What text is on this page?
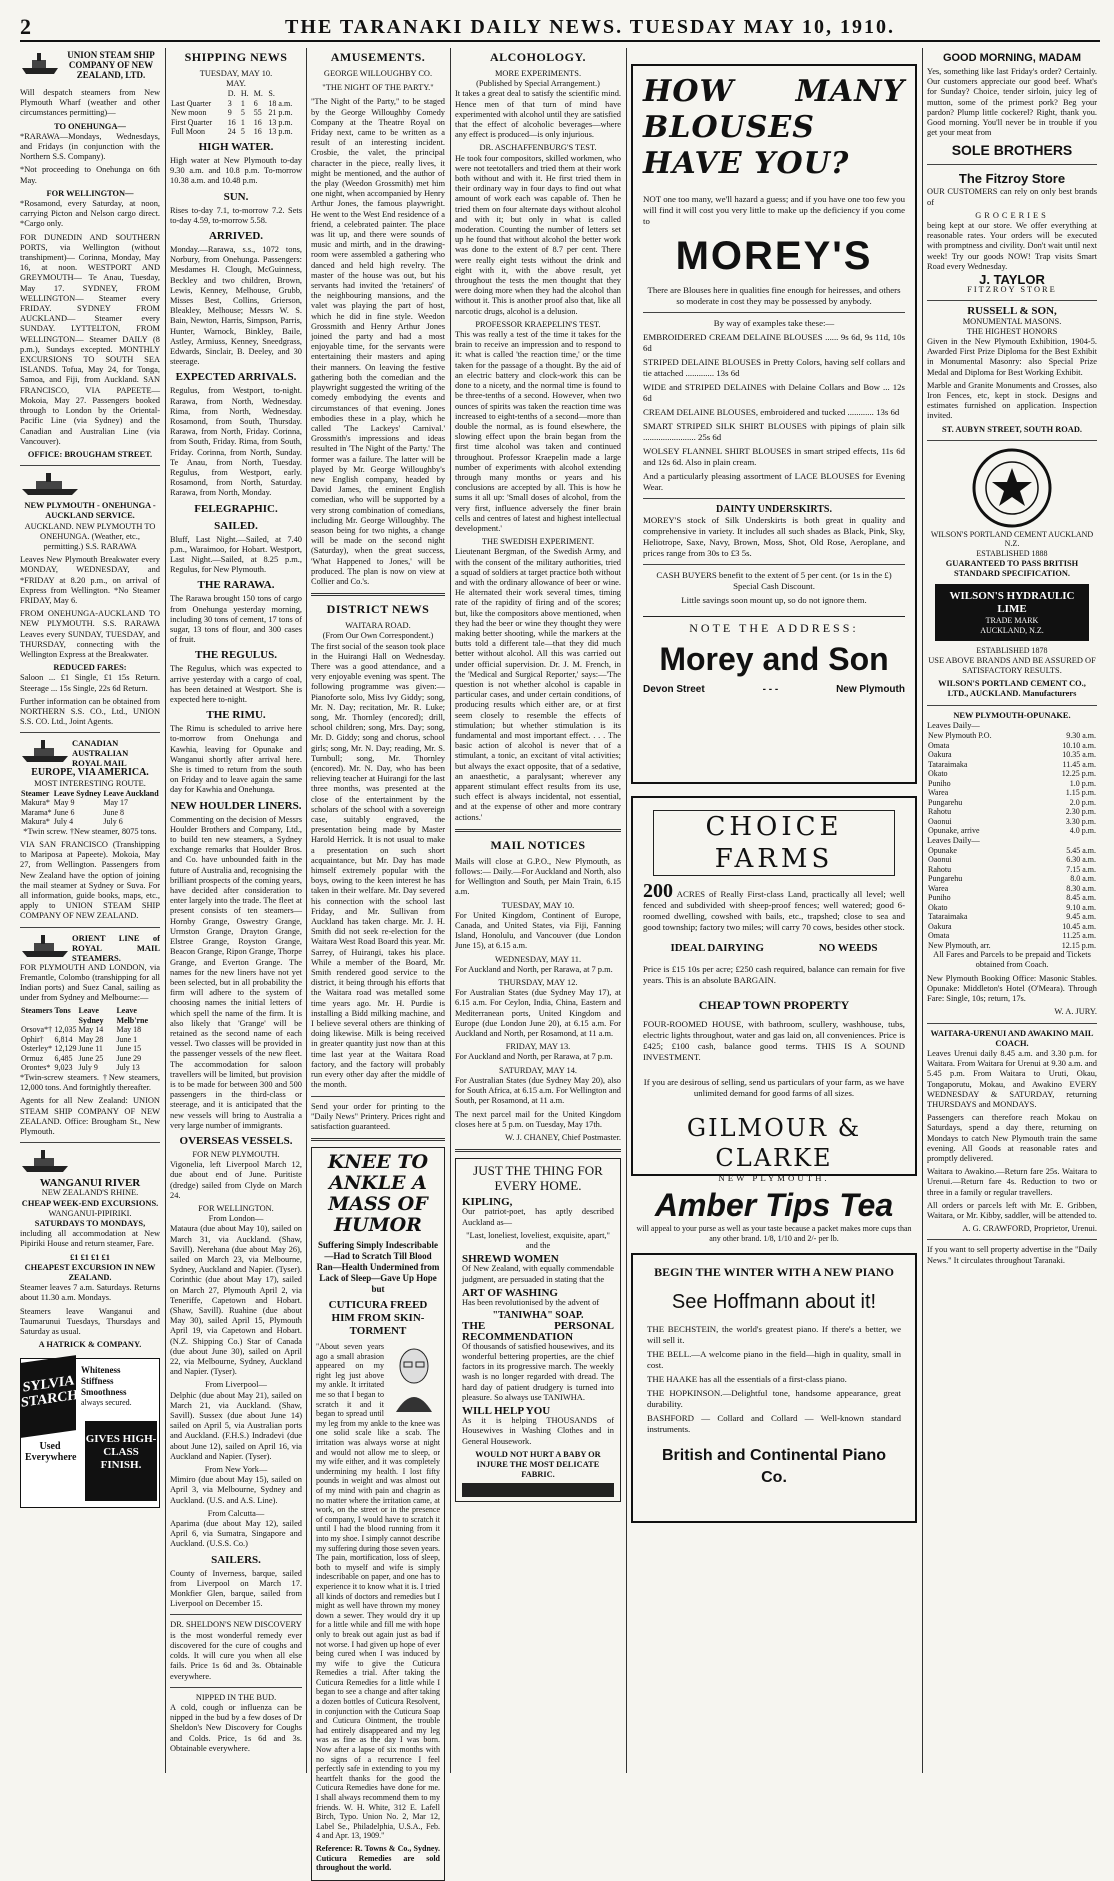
2	THE TARANAKI DAILY NEWS. TUESDAY MAY 10, 1910.
UNION STEAM SHIP COMPANY OF NEW ZEALAND, LTD.

Will despatch steamers from New Plymouth Wharf (weather and other circumstances permitting)—

TO ONEHUNGA—

*RARAWA—Mondays, Wednesdays, and Fridays (in conjunction with the Northern S.S. Company).

*Not proceeding to Onehunga on 6th May.

FOR WELLINGTON—

*Rosamond, every Saturday, at noon, carrying Picton and Nelson cargo direct. *Cargo only.

FOR DUNEDIN AND SOUTHERN PORTS, via Wellington (without transhipment)— Corinna, Monday, May 16, at noon. WESTPORT AND GREYMOUTH— Te Anau, Tuesday, May 17. SYDNEY, FROM WELLINGTON— Steamer every FRIDAY. SYDNEY FROM AUCKLAND— Steamer every SUNDAY. LYTTELTON, FROM WELLINGTON— Steamer DAILY (8 p.m.), Sundays excepted. MONTHLY EXCURSIONS TO SOUTH SEA ISLANDS. Tofua, May 24, for Tonga, Samoa, and Fiji, from Auckland. SAN FRANCISCO, VIA PAPEETE— Mokoia, May 27. Passengers booked through to London by the Oriental-Pacific Line (via Sydney) and the Canadian and Australian Line (via Vancouver).

OFFICE: BROUGHAM STREET.
NEW PLYMOUTH - ONEHUNGA - AUCKLAND SERVICE.

AUCKLAND. NEW PLYMOUTH TO ONEHUNGA. (Weather, etc., permitting.) S.S. RARAWA

Leaves New Plymouth Breakwater every MONDAY, WEDNESDAY, and *FRIDAY at 8.20 p.m., on arrival of Express from Wellington. *No Steamer FRIDAY, May 6.

FROM ONEHUNGA-AUCKLAND TO NEW PLYMOUTH. S.S. RARAWA Leaves every SUNDAY, TUESDAY, and THURSDAY, connecting with the Wellington Express at the Breakwater.

REDUCED FARES:

Saloon ... £1 Single, £1 15s Return. Steerage ... 15s Single, 22s 6d Return.

Further information can be obtained from NORTHERN S.S. CO., Ltd., UNION S.S. CO. Ltd., Joint Agents.

CANADIAN AUSTRALIAN ROYAL MAIL
EUROPE, VIA AMERICA.
MOST INTERESTING ROUTE.
Steamer	Leave Sydney	Leave Auckland
Makura*	May 9	May 17
Marama*	June 6	June 8
Makura*	July 4	July 6

*Twin screw. †New steamer, 8075 tons.

VIA SAN FRANCISCO (Transhipping to Mariposa at Papeete). Mokoia, May 27, from Wellington. Passengers from New Zealand have the option of joining the mail steamer at Sydney or Suva. For all information, guide books, maps, etc., apply to UNION STEAM SHIP COMPANY OF NEW ZEALAND.

ORIENT LINE of ROYAL MAIL STEAMERS.

FOR PLYMOUTH AND LONDON, via Fremantle, Colombo (transhipping for all Indian ports) and Suez Canal, sailing as under from Sydney and Melbourne:—

Steamers	Tons	Leave Sydney	Leave Melb'rne
Orsova*†	12,035	May 14	May 18
Ophir†	6,814	May 28	June 1
Osterley*	12,129	June 11	June 15
Ormuz	6,485	June 25	June 29
Orontes*	9,023	July 9	July 13

*Twin-screw steamers. †New steamers, 12,000 tons. And fortnightly thereafter.

Agents for all New Zealand: UNION STEAM SHIP COMPANY OF NEW ZEALAND. Office: Brougham St., New Plymouth.

WANGANUI RIVER
NEW ZEALAND'S RHINE.
CHEAP WEEK-END EXCURSIONS.
WANGANUI-PIPIRIKI.
SATURDAYS TO MONDAYS,

including all accommodation at New Pipiriki House and return steamer, Fare.

£1 £1 £1 £1
CHEAPEST EXCURSION IN NEW ZEALAND.

Steamer leaves 7 a.m. Saturdays. Returns about 11.30 a.m. Mondays.

Steamers leave Wanganui and Taumarunui Tuesdays, Thursdays and Saturday as usual.

A HATRICK & COMPANY.
SYLVIA STARCH
Whiteness
Stiffness
Smoothness
always secured.
Used Everywhere
GIVES HIGH-CLASS FINISH.
SHIPPING NEWS
TUESDAY, MAY 10.
MAY.
	D.	H.	M.	S.
Last Quarter	3	1	6	18 a.m.
New moon	9	5	55	21 p.m.
First Quarter	16	1	16	13 p.m.
Full Moon	24	5	16	13 p.m.
HIGH WATER.

High water at New Plymouth to-day 9.30 a.m. and 10.8 p.m. To-morrow 10.38 a.m. and 10.48 p.m.

SUN.

Rises to-day 7.1, to-morrow 7.2. Sets to-day 4.59, to-morrow 5.58.

ARRIVED.

Monday.—Rarawa, s.s., 1072 tons, Norbury, from Onehunga. Passengers: Mesdames H. Clough, McGuinness, Beckley and two children, Brown, Lewis, Kenney, Melhouse, Grubb, Misses Best, Collins, Grierson, Bleakley, Melhouse; Messrs W. S. Bain, Newton, Harris, Simpson, Parris, Hunter, Warnock, Binkley, Baile, Astley, Armiuss, Kenney, Sneedgrass, Edwards, Sinclair, B. Deeley, and 30 steerage.

EXPECTED ARRIVALS.

Regulus, from Westport, to-night. Rarawa, from North, Wednesday. Rima, from North, Wednesday. Rosamond, from South, Thursday. Rarawa, from North, Friday. Corinna, from South, Friday. Rima, from South, Friday. Corinna, from North, Sunday. Te Anau, from North, Tuesday. Regulus, from Westport, early. Rosamond, from North, Saturday. Rarawa, from North, Monday.

FELEGRAPHIC.
SAILED.

Bluff, Last Night.—Sailed, at 7.40 p.m., Waraimoo, for Hobart. Westport, Last Night.—Sailed, at 8.25 p.m., Regulus, for New Plymouth.

THE RARAWA.

The Rarawa brought 150 tons of cargo from Onehunga yesterday morning, including 30 tons of cement, 17 tons of sugar, 13 tons of flour, and 300 cases of fruit.

THE REGULUS.

The Regulus, which was expected to arrive yesterday with a cargo of coal, has been detained at Westport. She is expected here to-night.

THE RIMU.

The Rimu is scheduled to arrive here to-morrow from Onehunga and Kawhia, leaving for Opunake and Wanganui shortly after arrival here. She is timed to return from the south on Friday and to leave again the same day for Kawhia and Onehunga.

NEW HOULDER LINERS.

Commenting on the decision of Messrs Houlder Brothers and Company, Ltd., to build ten new steamers, a Sydney exchange remarks that Houlder Bros. and Co. have unbounded faith in the future of Australia and, recognising the brilliant prospects of the coming years, have decided after consideration to enter largely into the trade. The fleet at present consists of ten steamers—Hornby Grange, Oswestry Grange, Urmston Grange, Drayton Grange, Elstree Grange, Royston Grange, Beacon Grange, Ripon Grange, Thorpe Grange, and Everton Grange. The names for the new liners have not yet been selected, but in all probability the firm will adhere to the system of choosing names the initial letters of which spell the name of the firm. It is also likely that 'Grange' will be retained as the second name of each vessel. Two classes will be provided in the passenger vessels of the new fleet. The accommodation for saloon travellers will be limited, but provision is to be made for between 300 and 500 passengers in the third-class or steerage, and it is anticipated that the new vessels will bring to Australia a very large number of immigrants.

OVERSEAS VESSELS.
FOR NEW PLYMOUTH.

Vigonelia, left Liverpool March 12, due about end of June. Puritiste (dredge) sailed from Clyde on March 24.

FOR WELLINGTON.
From London—

Mataura (due about May 10), sailed on March 31, via Auckland. (Shaw, Savill). Nerehana (due about May 26), sailed on March 23, via Melbourne, Sydney, Auckland and Napier. (Tyser). Corinthic (due about May 17), sailed on March 27, Plymouth April 2, via Teneriffe, Capetown and Hobart. (Shaw, Savill). Ruahine (due about May 30), sailed April 15, Plymouth April 19, via Capetown and Hobart. (N.Z. Shipping Co.) Star of Canada (due about June 30), sailed on April 22, via Melbourne, Sydney, Auckland and Napier. (Tyser).

From Liverpool—

Delphic (due about May 21), sailed on March 21, via Auckland. (Shaw, Savill). Sussex (due about June 14) sailed on April 5, via Australian ports and Auckland. (F.H.S.) Indradevi (due about June 12), sailed on April 16, via Auckland and Napier. (Tyser).

From New York—

Mimiro (due about May 15), sailed on April 3, via Melbourne, Sydney and Auckland. (U.S. and A.S. Line).

From Calcutta—

Aparima (due about May 12), sailed April 6, via Sumatra, Singapore and Auckland. (U.S.S. Co.)

SAILERS.

County of Inverness, barque, sailed from Liverpool on March 17. Monkfier Glen, barque, sailed from Liverpool on December 15.

DR. SHELDON'S NEW DISCOVERY

is the most wonderful remedy ever discovered for the cure of coughs and colds. It will cure you when all else fails. Price 1s 6d and 3s. Obtainable everywhere.

NIPPED IN THE BUD.

A cold, cough or influenza can be nipped in the bud by a few doses of Dr Sheldon's New Discovery for Coughs and Colds. Price, 1s 6d and 3s. Obtainable everywhere.

AMUSEMENTS.
GEORGE WILLOUGHBY CO.
"THE NIGHT OF THE PARTY."

"The Night of the Party," to be staged by the George Willoughby Comedy Company at the Theatre Royal on Friday next, came to be written as a result of an interesting incident. Crosbie, the valet, the principal character in the piece, really lives, it might be mentioned, and the author of the play (Weedon Grossmith) met him one night, when accompanied by Henry Arthur Jones, the famous playwright. He went to the West End residence of a friend, a celebrated painter. The place was lit up, and there were sounds of music and mirth, and in the drawing-room were assembled a gathering who danced and held high revelry. The master of the house was out, but his servants had invited the 'retainers' of the neighbouring mansions, and the valet was playing the part of host, which he did in fine style. Weedon Grossmith and Henry Arthur Jones joined the party and had a most enjoyable time, for the servants were entertaining their masters and aping their manners. On leaving the festive gathering both the comedian and the playwright suggested the writing of the comedy embodying the events and circumstances of that evening. Jones embodies these in a play, which he called 'The Lackeys' Carnival.' Grossmith's impressions and ideas resulted in 'The Night of the Party.' The former was a failure. The latter will be played by Mr. George Willoughby's new English company, headed by David James, the eminent English comedian, who will be supported by a very strong combination of comedians, including Mr. George Willoughby. The season being for two nights, a change will be made on the second night (Saturday), when the great success, 'What Happened to Jones,' will be produced. The plan is now on view at Collier and Co.'s.

DISTRICT NEWS
WAITARA ROAD.
(From Our Own Correspondent.)

The first social of the season took place in the Huirangi Hall on Wednesday. There was a good attendance, and a very enjoyable evening was spent. The following programme was given:—Pianoforte solo, Miss Ivy Giddy; song, Mr. N. Day; recitation, Mr. R. Luke; song, Mr. Thornley (encored); drill, school children; song, Mrs. Day; song, Mr. D. Giddy; song and chorus, school girls; song, Mr. N. Day; reading, Mr. S. Turnbull; song, Mr. Thornley (encored). Mr. N. Day, who has been relieving teacher at Huirangi for the last three months, was presented at the close of the entertainment by the scholars of the school with a sovereign case, suitably engraved, the presentation being made by Master Harold Herrick. It is not usual to make a presentation on such short acquaintance, but Mr. Day has made himself extremely popular with the boys, owing to the keen interest he has taken in their welfare. Mr. Day severed his connection with the school last Friday, and Mr. Sullivan from Auckland has taken charge. Mr. J. H. Smith did not seek re-election for the Waitara West Road Board this year. Mr. Sarrey, of Huirangi, takes his place. While a member of the Board, Mr. Smith rendered good service to the district, it being through his efforts that the Waitara road was metalled some time years ago. Mr. H. Purdie is installing a Bidd milking machine, and I believe several others are thinking of doing likewise. Milk is being received in greater quantity just now than at this time last year at the Waitara Road factory, and the factory will probably run every other day after the middle of the month.

Send your order for printing to the "Daily News" Printery. Prices right and satisfaction guaranteed.

KNEE TO ANKLE A MASS OF HUMOR
Suffering Simply Indescribable—Had to Scratch Till Blood Ran—Health Undermined from Lack of Sleep—Gave Up Hope but
CUTICURA FREED HIM FROM SKIN-TORMENT

"About seven years ago a small abrasion appeared on my right leg just above my ankle. It irritated me so that I began to scratch it and it began to spread until my leg from my ankle to the knee was one solid scale like a scab. The irritation was always worse at night and would not allow me to sleep, or my wife either, and it was completely undermining my health. I lost fifty pounds in weight and was almost out of my mind with pain and chagrin as no matter where the irritation came, at work, on the street or in the presence of company, I would have to scratch it until I had the blood running from it into my shoe. I simply cannot describe my suffering during those seven years. The pain, mortification, loss of sleep, both to myself and wife is simply indescribable on paper, and one has to experience it to know what it is. I tried all kinds of doctors and remedies but I might as well have thrown my money down a sewer. They would dry it up for a little while and fill me with hope only to break out again just as bad if not worse. I had given up hope of ever being cured when I was induced by my wife to give the Cuticura Remedies a trial. After taking the Cuticura Remedies for a little while I began to see a change and after taking a dozen bottles of Cuticura Resolvent, in conjunction with the Cuticura Soap and Cuticura Ointment, the trouble had entirely disappeared and my leg was as fine as the day I was born. Now after a lapse of six months with no signs of a recurrence I feel perfectly safe in extending to you my heartfelt thanks for the good the Cuticura Remedies have done for me. I shall always recommend them to my friends. W. H. White, 312 E. Lafell Birch, Typo. Union No. 2, Mar 12, Label Se., Philadelphia, U.S.A., Feb. 4 and Apr. 13, 1909."

Reference: R. Towns & Co., Sydney. Cuticura Remedies are sold throughout the world.

ALCOHOLOGY.
MORE EXPERIMENTS.
(Published by Special Arrangement.)

It takes a great deal to satisfy the scientific mind. Hence men of that turn of mind have experimented with alcohol until they are satisfied that the effect of alcoholic beverages—where any effect is produced—is only injurious.

DR. ASCHAFFENBURG'S TEST.

He took four compositors, skilled workmen, who were not teetotallers and tried them at their work both without and with it. He first tried them in their ordinary way in four days to find out what amount of work each was capable of. Then he tried them on four alternate days without alcohol and with it; but only in what is called moderation. Counting the number of letters set up he found that without alcohol the better work was done to the extent of 8.7 per cent. There were really eight tests without the drink and eight with it, with the above result, yet throughout the tests the men thought that they were doing more when they had the alcohol than without it. This is another proof also that, like all narcotic drugs, alcohol is a delusion.

PROFESSOR KRAEPELIN'S TEST.

This was really a test of the time it takes for the brain to receive an impression and to respond to it: what is called 'the reaction time,' or the time taken for the passage of a thought. By the aid of an electric battery and clock-work this can be done to a nicety, and the normal time is found to be three-tenths of a second. However, when two ounces of spirits was taken the reaction time was increased to eight-tenths of a second—more than double the normal, as is found elsewhere, the slowing effect upon the brain began from the first time alcohol was taken and continued throughout. Professor Kraepelin made a large number of experiments with alcohol extending through many months or years and his conclusions are accepted by all. This is how he sums it all up: 'Small doses of alcohol, from the very first, influence adversely the finer brain cells and centres of latest and highest intellectual development.'

THE SWEDISH EXPERIMENT.

Lieutenant Bergman, of the Swedish Army, and with the consent of the military authorities, tried a squad of soldiers at target practice both without and with the ordinary allowance of beer or wine. He alternated their work several times, timing rate of the rapidity of firing and of the scores; but, like the compositors above mentioned, when they had the beer or wine they thought they were making better shooting, while the markers at the butts told a different tale—that they did much better without alcohol. All this was carried out under official supervision. Dr. J. M. French, in the 'Medical and Surgical Reporter,' says:—'The question is not whether alcohol is capable in particular cases, and under certain conditions, of producing results which either are, or at first seem closely to resemble the effects of stimulation; but whether stimulation is its fundamental and most important effect. . . . The basic action of alcohol is never that of a stimulant, a tonic, an excitant of vital activities; but always the exact opposite, that of a sedative, an anaesthetic, a paralysant; wherever any apparent stimulant effect results from its use, such effect is always incidental, not essential, and at the expense of other and more contrary actions.'

MAIL NOTICES

Mails will close at G.P.O., New Plymouth, as follows:— Daily.—For Auckland and North, also for Wellington and South, per Main Train, 6.15 a.m.

TUESDAY, MAY 10.

For United Kingdom, Continent of Europe, Canada, and United States, via Fiji, Fanning Island, Honolulu, and Vancouver (due London June 15), at 6.15 a.m.

WEDNESDAY, MAY 11.

For Auckland and North, per Rarawa, at 7 p.m.

THURSDAY, MAY 12.

For Australian States (due Sydney May 17), at 6.15 a.m. For Ceylon, India, China, Eastern and Mediterranean ports, United Kingdom and Europe (due London June 20), at 6.15 a.m. For Auckland and North, per Rosamond, at 11 a.m.

FRIDAY, MAY 13.

For Auckland and North, per Rarawa, at 7 p.m.

SATURDAY, MAY 14.

For Australian States (due Sydney May 20), also for South Africa, at 6.15 a.m. For Wellington and South, per Rosamond, at 11 a.m.

The next parcel mail for the United Kingdom closes here at 5 p.m. on Tuesday, May 17th.

W. J. CHANEY, Chief Postmaster.
JUST THE THING FOR EVERY HOME.
KIPLING,

Our patriot-poet, has aptly described Auckland as—

"Last, loneliest, loveliest, exquisite, apart," and the

SHREWD WOMEN

Of New Zealand, with equally commendable judgment, are persuaded in stating that the

ART OF WASHING

Has been revolutionised by the advent of

"TANIWHA" SOAP.
THE PERSONAL RECOMMENDATION

Of thousands of satisfied housewives, and its wonderful bettering properties, are the chief factors in its progressive march. The weekly wash is no longer regarded with dread. The hard day of patient drudgery is turned into pleasure. So always use TANIWHA.

WILL HELP YOU

As it is helping THOUSANDS of Housewives in Washing Clothes and in General Housework.

WOULD NOT HURT A BABY OR INJURE THE MOST DELICATE FABRIC.

HOW MANY BLOUSES HAVE YOU?

NOT one too many, we'll hazard a guess; and if you have one too few you will find it will cost you very little to make up the deficiency if you come to

MOREY'S

There are Blouses here in qualities fine enough for heiresses, and others so moderate in cost they may be possessed by anybody.

By way of examples take these:—

EMBROIDERED CREAM DELAINE BLOUSES ...... 9s 6d, 9s 11d, 10s 6d

STRIPED DELAINE BLOUSES in Pretty Colors, having self collars and tie attached ............. 13s 6d

WIDE and STRIPED DELAINES with Delaine Collars and Bow ... 12s 6d

CREAM DELAINE BLOUSES, embroidered and tucked ............ 13s 6d

SMART STRIPED SILK SHIRT BLOUSES with pipings of plain silk ........................ 25s 6d

WOLSEY FLANNEL SHIRT BLOUSES in smart striped effects, 11s 6d and 12s 6d. Also in plain cream.

And a particularly pleasing assortment of LACE BLOUSES for Evening Wear.

DAINTY UNDERSKIRTS.

MOREY'S stock of Silk Underskirts is both great in quality and comprehensive in variety. It includes all such shades as Black, Pink, Sky, Heliotrope, Saxe, Navy, Brown, Moss, Shot, Old Rose, Aeroplane, and prices range from 30s to £3 5s.

CASH BUYERS benefit to the extent of 5 per cent. (or 1s in the £) Special Cash Discount.

Little savings soon mount up, so do not ignore them.

NOTE THE ADDRESS:
Morey and Son
Devon Street	- - -	New Plymouth
CHOICE FARMS

200 ACRES of Really First-class Land, practically all level; well fenced and subdivided with sheep-proof fences; well watered; good 6-roomed dwelling, cowshed with bails, etc., trapshed; close to sea and good township; factory two miles; will carry 70 cows, besides other stock.

IDEAL DAIRYING	NO WEEDS

Price is £15 10s per acre; £250 cash required, balance can remain for five years. This is an absolute BARGAIN.

CHEAP TOWN PROPERTY

FOUR-ROOMED HOUSE, with bathroom, scullery, washhouse, tubs, electric lights throughout, water and gas laid on, all conveniences. Price is £425; £100 cash, balance good terms. THIS IS A SOUND INVESTMENT.

If you are desirous of selling, send us particulars of your farm, as we have unlimited demand for good farms of all sizes.

GILMOUR & CLARKE
NEW PLYMOUTH.
Amber Tips Tea

will appeal to your purse as well as your taste because a packet makes more cups than any other brand. 1/8, 1/10 and 2/- per lb.

BEGIN THE WINTER WITH A NEW PIANO
See Hoffmann about it!

THE BECHSTEIN, the world's greatest piano. If there's a better, we will sell it.

THE BELL.—A welcome piano in the field—high in quality, small in cost.

THE HAAKE has all the essentials of a first-class piano.

THE HOPKINSON.—Delightful tone, handsome appearance, great durability.

BASHFORD — Collard and Collard — Well-known standard instruments.

British and Continental Piano Co.
GOOD MORNING, MADAM

Yes, something like last Friday's order? Certainly. Our customers appreciate our good beef. What's for Sunday? Choice, tender sirloin, juicy leg of mutton, some of the primest pork? Beg your pardon? Plump little cockerel? Right, thank you. Good morning. You'll never be in trouble if you get your meat from

SOLE BROTHERS
The Fitzroy Store

OUR CUSTOMERS can rely on only best brands of

GROCERIES

being kept at our store. We offer everything at reasonable rates. Your orders will be executed with promptness and civility. Don't wait until next week! Try our goods NOW! Trap visits Smart Road every Wednesday.

J. TAYLOR
FITZROY STORE
RUSSELL & SON,
MONUMENTAL MASONS.
THE HIGHEST HONORS

Given in the New Plymouth Exhibition, 1904-5. Awarded First Prize Diploma for the Best Exhibit in Monumental Masonry: also Special Prize Medal and Diploma for Best Working Exhibit.

Marble and Granite Monuments and Crosses, also Iron Fences, etc, kept in stock. Designs and estimates furnished on application. Inspection invited.

ST. AUBYN STREET, SOUTH ROAD.
WILSON'S PORTLAND CEMENT AUCKLAND N.Z.
ESTABLISHED 1888
GUARANTEED TO PASS BRITISH STANDARD SPECIFICATION.
WILSON'S HYDRAULIC LIME
TRADE MARK
AUCKLAND, N.Z.
ESTABLISHED 1878
USE ABOVE BRANDS AND BE ASSURED OF SATISFACTORY RESULTS.
WILSON'S PORTLAND CEMENT CO., LTD., AUCKLAND. Manufacturers
NEW PLYMOUTH-OPUNAKE.
Leaves Daily—
New Plymouth P.O.	9.30 a.m.
Omata	10.10 a.m.
Oakura	10.35 a.m.
Tataraimaka	11.45 a.m.
Okato	12.25 p.m.
Puniho	1.0 p.m.
Warea	1.15 p.m.
Pungarehu	2.0 p.m.
Rahotu	2.30 p.m.
Oaonui	3.30 p.m.
Opunake, arrive	4.0 p.m.
Leaves Daily—
Opunake	5.45 a.m.
Oaonui	6.30 a.m.
Rahotu	7.15 a.m.
Pungarehu	8.0 a.m.
Warea	8.30 a.m.
Puniho	8.45 a.m.
Okato	9.10 a.m.
Tataraimaka	9.45 a.m.
Oakura	10.45 a.m.
Omata	11.25 a.m.
New Plymouth, arr.	12.15 p.m.

All Fares and Parcels to be prepaid and Tickets obtained from Coach.

New Plymouth Booking Office: Masonic Stables. Opunake: Middleton's Hotel (O'Meara). Through Fare: Single, 10s; return, 17s.

W. A. JURY.
WAITARA-URENUI AND AWAKINO MAIL COACH.

Leaves Urenui daily 8.45 a.m. and 3.30 p.m. for Waitara. From Waitara for Urenui at 9.30 a.m. and 5.45 p.m. From Waitara to Uruti, Okau, Tongaporutu, Mokau, and Awakino EVERY WEDNESDAY & SATURDAY, returning THURSDAYS and MONDAYS.

Passengers can therefore reach Mokau on Saturdays, spend a day there, returning on Mondays to catch New Plymouth train the same evening. All Goods at reasonable rates and promptly delivered.

Waitara to Awakino.—Return fare 25s. Waitara to Urenui.—Return fare 4s. Reduction to two or three in a family or regular travellers.

All orders or parcels left with Mr. E. Gribben, Waitara, or Mr. Kibby, saddler, will be attended to.

A. G. CRAWFORD, Proprietor, Urenui.

If you want to sell property advertise in the "Daily News." It circulates throughout Taranaki.
